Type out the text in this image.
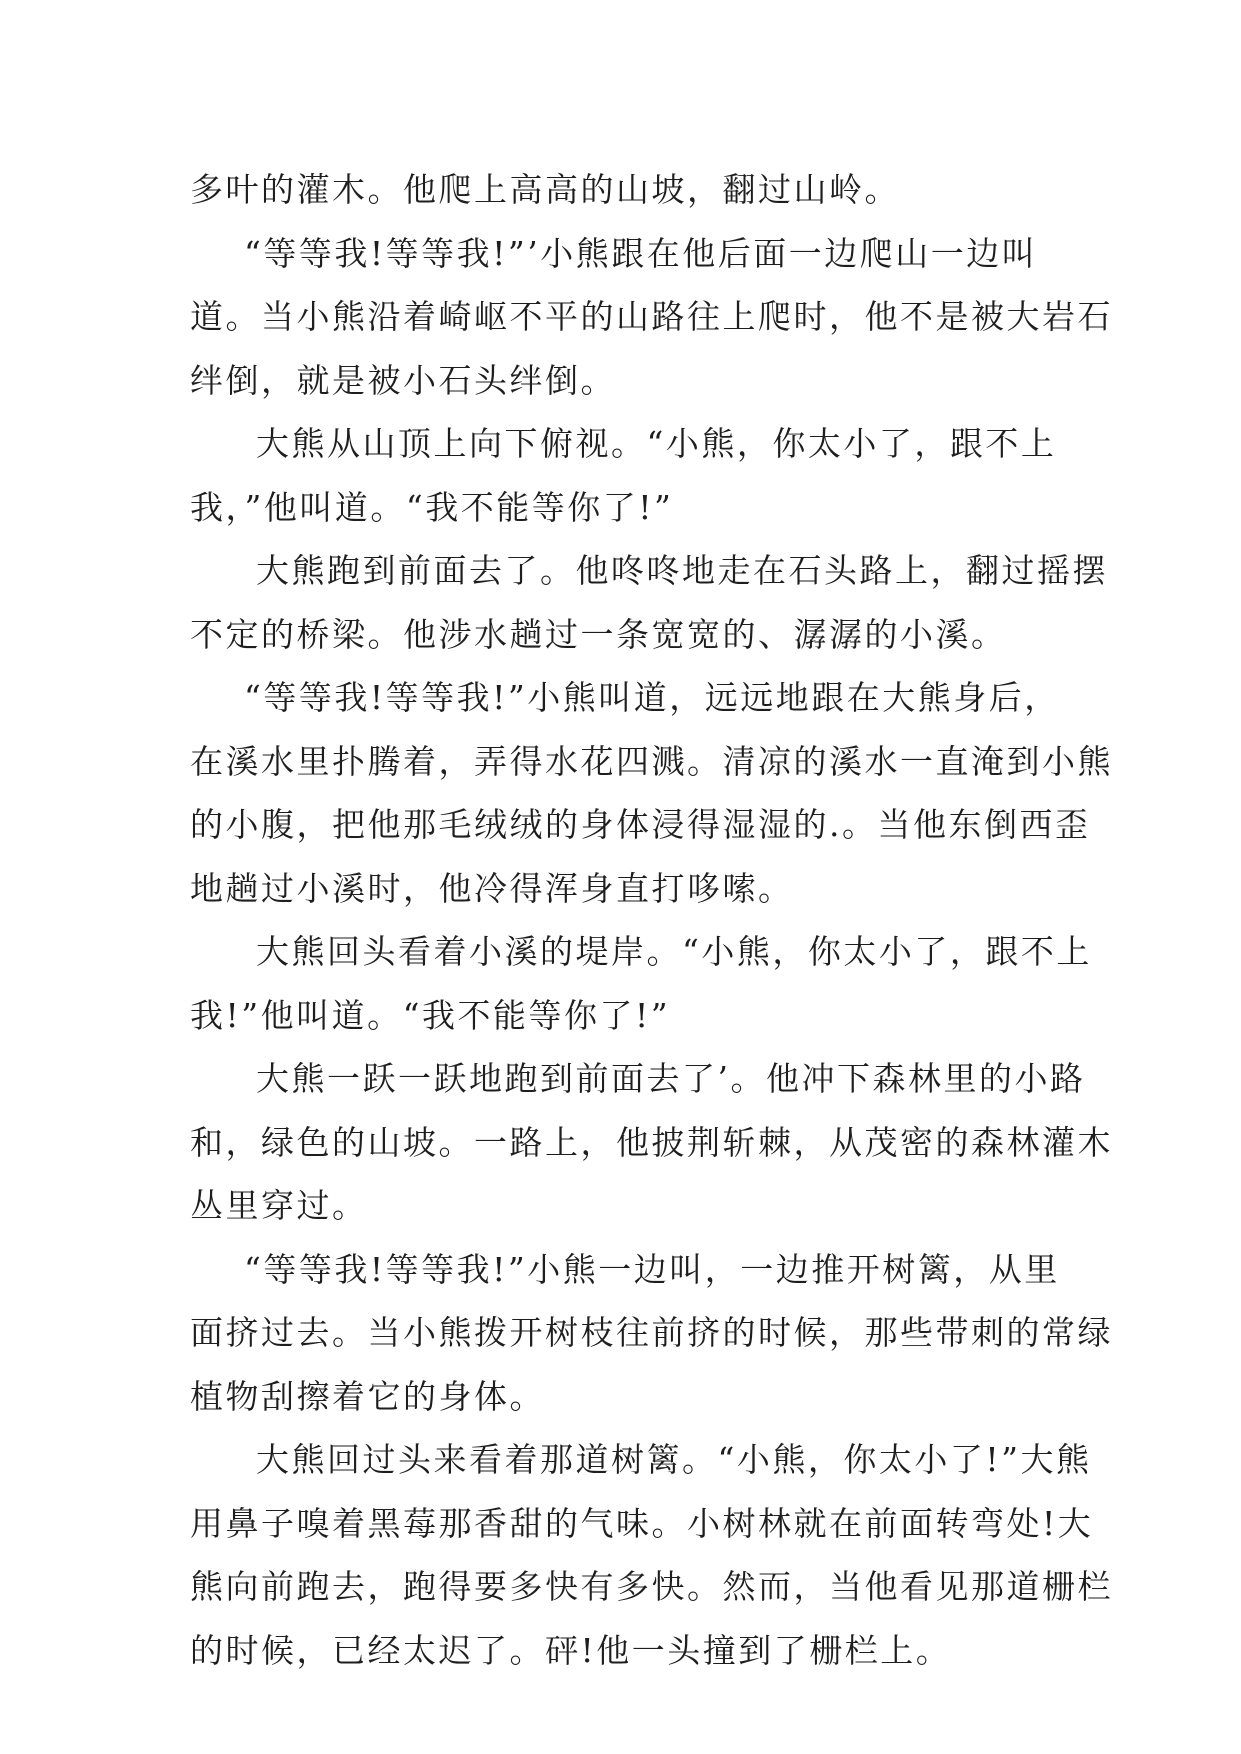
多叶的灌木。他爬上高高的山坡，翻过山岭。
“等等我!等等我!”’小熊跟在他后面一边爬山一边叫
道。当小熊沿着崎岖不平的山路往上爬时，他不是被大岩石
绊倒，就是被小石头绊倒。
大熊从山顶上向下俯视。“小熊，你太小了，跟不上
我，”他叫道。“我不能等你了!”
大熊跑到前面去了。他咚咚地走在石头路上，翻过摇摆
不定的桥梁。他涉水趟过一条宽宽的、潺潺的小溪。
“等等我!等等我!”小熊叫道，远远地跟在大熊身后，
在溪水里扑腾着，弄得水花四溅。清凉的溪水一直淹到小熊
的小腹，把他那毛绒绒的身体浸得湿湿的.。当他东倒西歪
地趟过小溪时，他冷得浑身直打哆嗦。
大熊回头看着小溪的堤岸。“小熊，你太小了，跟不上
我!”他叫道。“我不能等你了!”
大熊一跃一跃地跑到前面去了’。他冲下森林里的小路
和，绿色的山坡。一路上，他披荆斩棘，从茂密的森林灌木
丛里穿过。
“等等我!等等我!”小熊一边叫，一边推开树篱，从里
面挤过去。当小熊拨开树枝往前挤的时候，那些带刺的常绿
植物刮擦着它的身体。
大熊回过头来看着那道树篱。“小熊，你太小了!”大熊
用鼻子嗅着黑莓那香甜的气味。小树林就在前面转弯处!大
熊向前跑去，跑得要多快有多快。然而，当他看见那道栅栏
的时候，已经太迟了。砰!他一头撞到了栅栏上。
